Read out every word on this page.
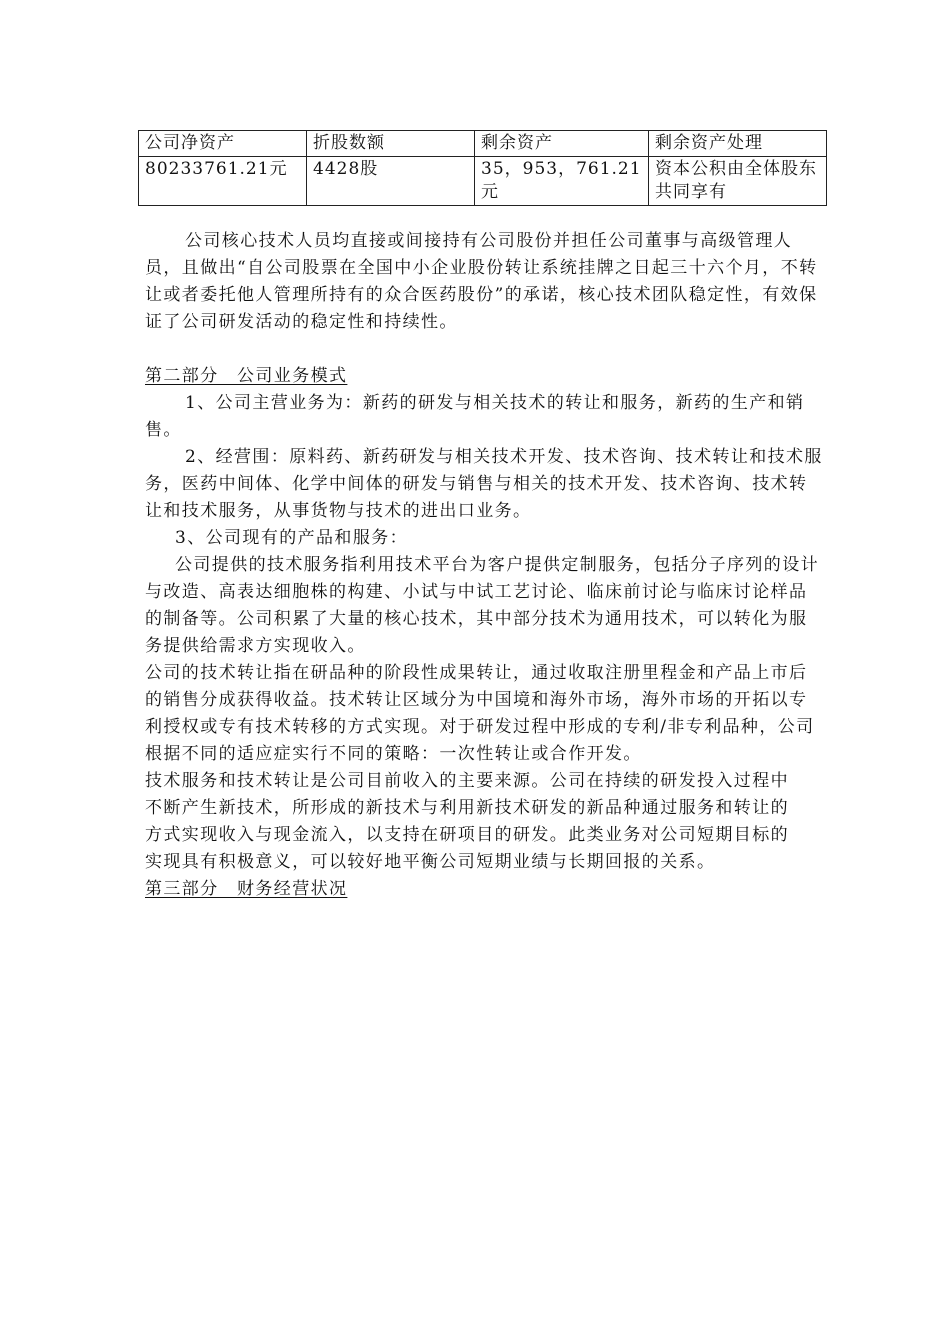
公司净资产	折股数额	剩余资产	剩余资产处理
80233761.21元	4428股	35，953，761.21元	资本公积由全体股东共同享有

公司核心技术人员均直接或间接持有公司股份并担任公司董事与高级管理人员，且做出“自公司股票在全国中小企业股份转让系统挂牌之日起三十六个月，不转让或者委托他人管理所持有的众合医药股份”的承诺，核心技术团队稳定性，有效保证了公司研发活动的稳定性和持续性。

第二部分　公司业务模式

1、公司主营业务为：新药的研发与相关技术的转让和服务，新药的生产和销售。

2、经营围：原料药、新药研发与相关技术开发、技术咨询、技术转让和技术服务，医药中间体、化学中间体的研发与销售与相关的技术开发、技术咨询、技术转让和技术服务，从事货物与技术的进出口业务。

3、公司现有的产品和服务：

公司提供的技术服务指利用技术平台为客户提供定制服务，包括分子序列的设计与改造、高表达细胞株的构建、小试与中试工艺讨论、临床前讨论与临床讨论样品的制备等。公司积累了大量的核心技术，其中部分技术为通用技术，可以转化为服务提供给需求方实现收入。

公司的技术转让指在研品种的阶段性成果转让，通过收取注册里程金和产品上市后的销售分成获得收益。技术转让区域分为中国境和海外市场，海外市场的开拓以专利授权或专有技术转移的方式实现。对于研发过程中形成的专利/非专利品种，公司根据不同的适应症实行不同的策略：一次性转让或合作开发。

技术服务和技术转让是公司目前收入的主要来源。公司在持续的研发投入过程中不断产生新技术，所形成的新技术与利用新技术研发的新品种通过服务和转让的方式实现收入与现金流入，以支持在研项目的研发。此类业务对公司短期目标的实现具有积极意义，可以较好地平衡公司短期业绩与长期回报的关系。

第三部分　财务经营状况
